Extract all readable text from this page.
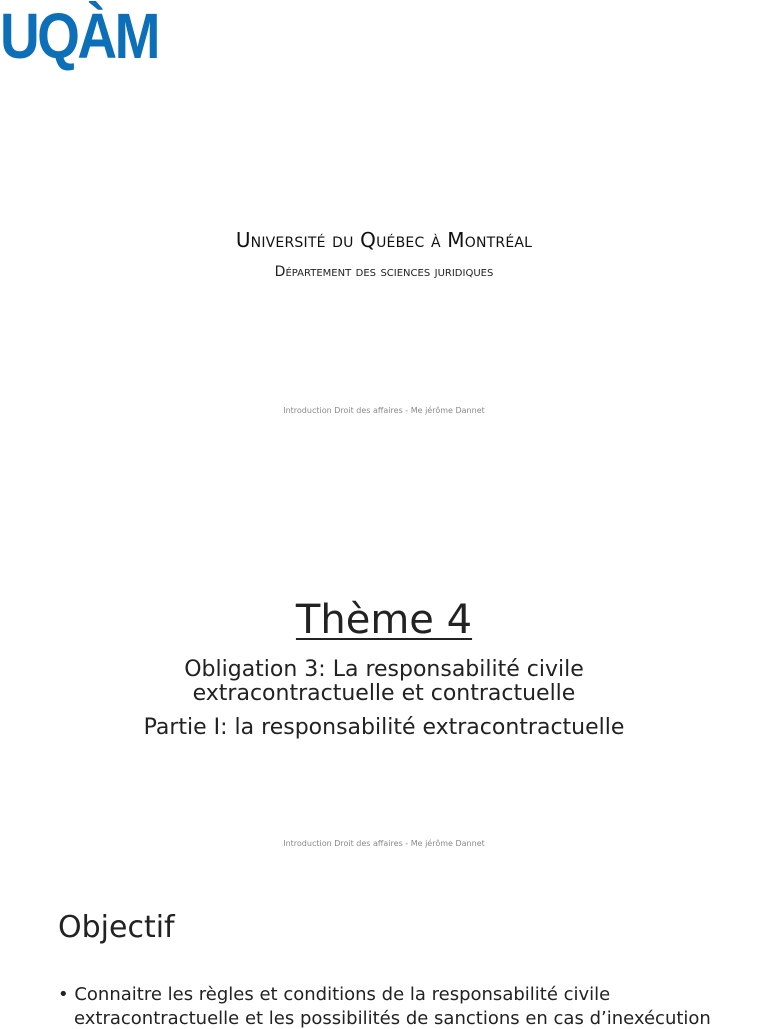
UQÀM
Université du Québec à Montréal
Département des sciences juridiques
Introduction Droit des affaires - Me jérôme Dannet
Thème 4
Obligation 3: La responsabilité civile
extracontractuelle et contractuelle
Partie I: la responsabilité extracontractuelle
Introduction Droit des affaires - Me jérôme Dannet
Objectif
• Connaitre les règles et conditions de la responsabilité civile
extracontractuelle et les possibilités de sanctions en cas d’inexécution
